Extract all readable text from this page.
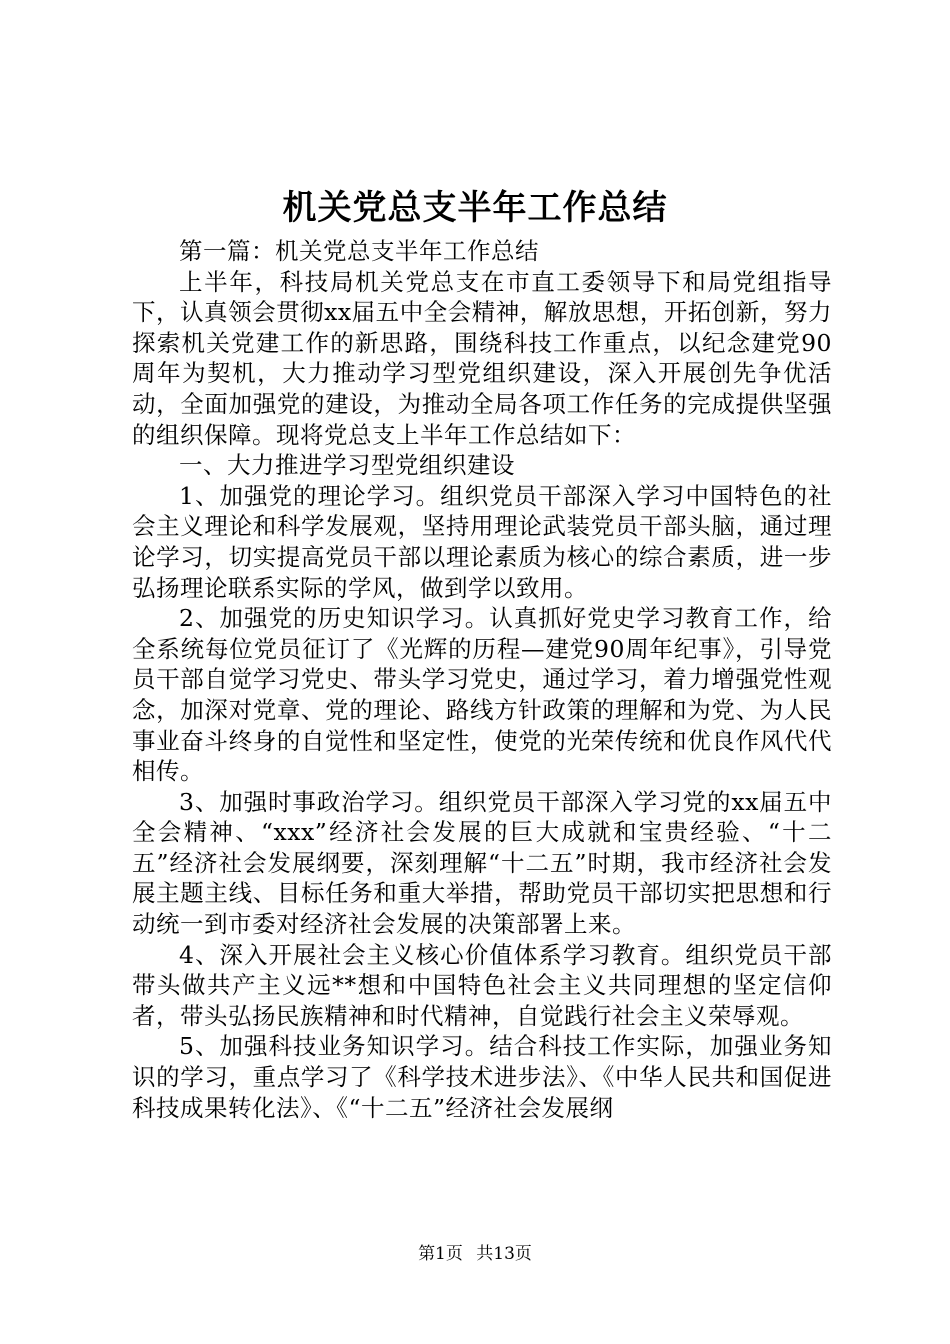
机关党总支半年工作总结

第一篇：机关党总支半年工作总结

上半年，科技局机关党总支在市直工委领导下和局党组指导下，认真领会贯彻xx届五中全会精神，解放思想，开拓创新，努力探索机关党建工作的新思路，围绕科技工作重点，以纪念建党90周年为契机，大力推动学习型党组织建设，深入开展创先争优活动，全面加强党的建设，为推动全局各项工作任务的完成提供坚强的组织保障。现将党总支上半年工作总结如下：

一、大力推进学习型党组织建设

1、加强党的理论学习。组织党员干部深入学习中国特色的社会主义理论和科学发展观，坚持用理论武装党员干部头脑，通过理论学习，切实提高党员干部以理论素质为核心的综合素质，进一步弘扬理论联系实际的学风，做到学以致用。

2、加强党的历史知识学习。认真抓好党史学习教育工作，给全系统每位党员征订了《光辉的历程—建党90周年纪事》，引导党员干部自觉学习党史、带头学习党史，通过学习，着力增强党性观念，加深对党章、党的理论、路线方针政策的理解和为党、为人民事业奋斗终身的自觉性和坚定性，使党的光荣传统和优良作风代代相传。

3、加强时事政治学习。组织党员干部深入学习党的xx届五中全会精神、“xxx”经济社会发展的巨大成就和宝贵经验、“十二五”经济社会发展纲要，深刻理解“十二五”时期，我市经济社会发展主题主线、目标任务和重大举措，帮助党员干部切实把思想和行动统一到市委对经济社会发展的决策部署上来。

4、深入开展社会主义核心价值体系学习教育。组织党员干部带头做共产主义远**想和中国特色社会主义共同理想的坚定信仰者，带头弘扬民族精神和时代精神，自觉践行社会主义荣辱观。

5、加强科技业务知识学习。结合科技工作实际，加强业务知识的学习，重点学习了《科学技术进步法》、《中华人民共和国促进科技成果转化法》、《“十二五”经济社会发展纲

第1页 共13页
